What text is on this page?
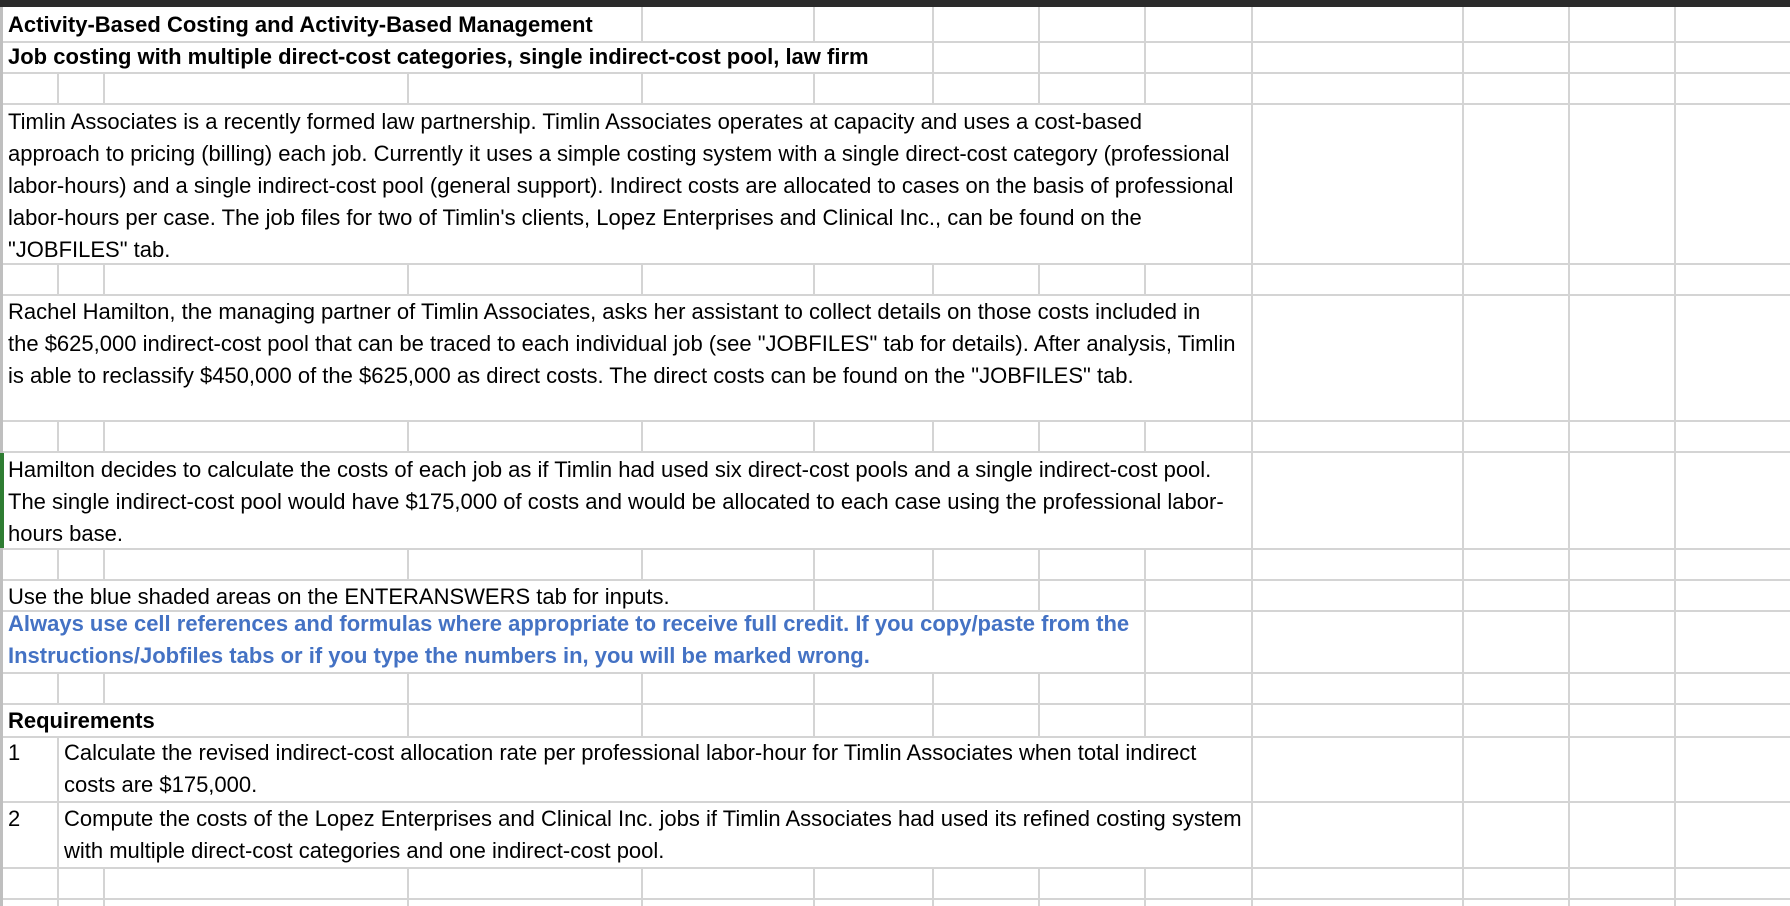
Activity-Based Costing and Activity-Based Management
Job costing with multiple direct-cost categories, single indirect-cost pool, law firm
Timlin Associates is a recently formed law partnership. Timlin Associates operates at capacity and uses a cost-based
approach to pricing (billing) each job. Currently it uses a simple costing system with a single direct-cost category (professional
labor-hours) and a single indirect-cost pool (general support). Indirect costs are allocated to cases on the basis of professional
labor-hours per case. The job files for two of Timlin's clients, Lopez Enterprises and Clinical Inc., can be found on the
"JOBFILES" tab.
Rachel Hamilton, the managing partner of Timlin Associates, asks her assistant to collect details on those costs included in
the $625,000 indirect-cost pool that can be traced to each individual job (see "JOBFILES" tab for details). After analysis, Timlin
is able to reclassify $450,000 of the $625,000 as direct costs. The direct costs can be found on the "JOBFILES" tab.
Hamilton decides to calculate the costs of each job as if Timlin had used six direct-cost pools and a single indirect-cost pool.
The single indirect-cost pool would have $175,000 of costs and would be allocated to each case using the professional labor-
hours base.
Use the blue shaded areas on the ENTERANSWERS tab for inputs.
Always use cell references and formulas where appropriate to receive full credit. If you copy/paste from the
Instructions/Jobfiles tabs or if you type the numbers in, you will be marked wrong.
Requirements
1 Calculate the revised indirect-cost allocation rate per professional labor-hour for Timlin Associates when total indirect
costs are $175,000.
2 Compute the costs of the Lopez Enterprises and Clinical Inc. jobs if Timlin Associates had used its refined costing system
with multiple direct-cost categories and one indirect-cost pool.
